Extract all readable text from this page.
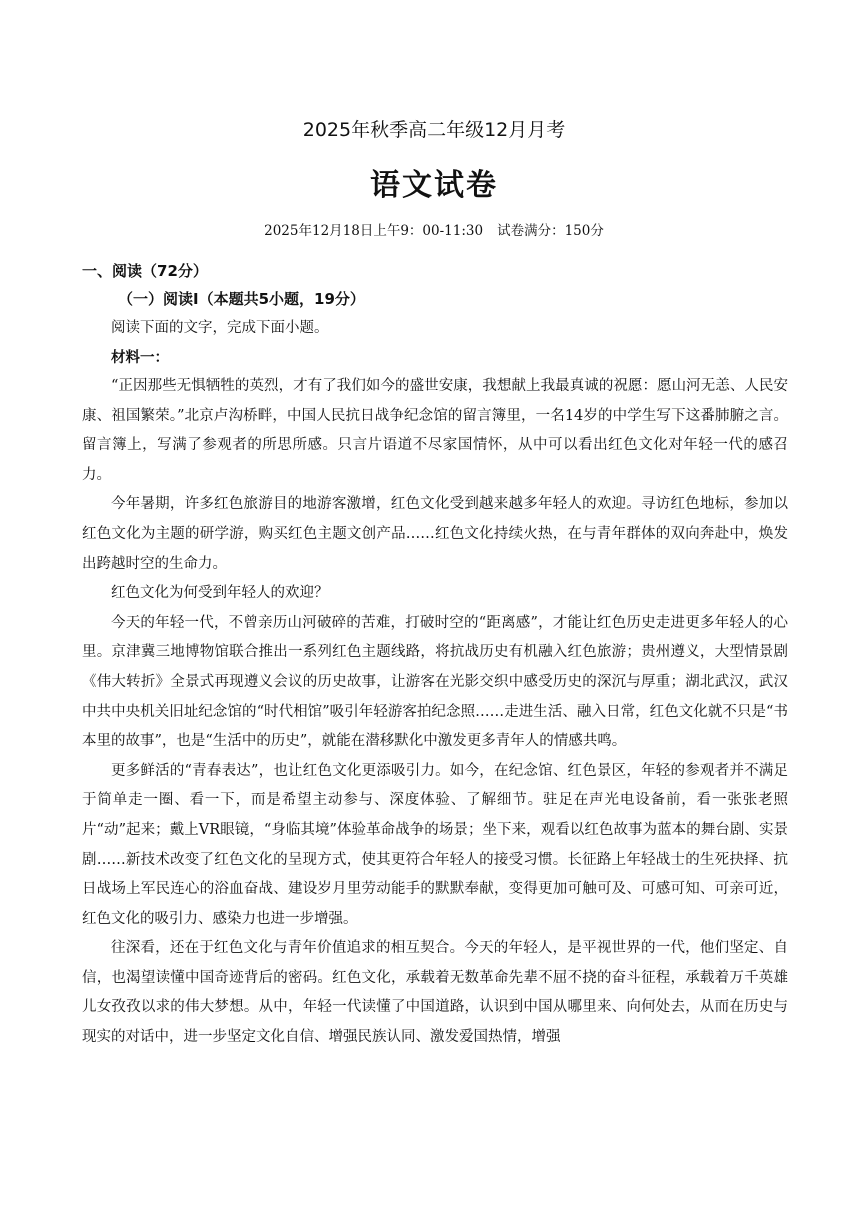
2025年秋季高二年级12月月考
语文试卷
2025年12月18日上午9：00-11:30 试卷满分：150分
一、阅读（72分）
（一）阅读I（本题共5小题，19分）
阅读下面的文字，完成下面小题。
材料一：

“正因那些无惧牺牲的英烈，才有了我们如今的盛世安康，我想献上我最真诚的祝愿：愿山河无恙、人民安康、祖国繁荣。”北京卢沟桥畔，中国人民抗日战争纪念馆的留言簿里，一名14岁的中学生写下这番肺腑之言。留言簿上，写满了参观者的所思所感。只言片语道不尽家国情怀，从中可以看出红色文化对年轻一代的感召力。

今年暑期，许多红色旅游目的地游客激增，红色文化受到越来越多年轻人的欢迎。寻访红色地标，参加以红色文化为主题的研学游，购买红色主题文创产品……红色文化持续火热，在与青年群体的双向奔赴中，焕发出跨越时空的生命力。

红色文化为何受到年轻人的欢迎？

今天的年轻一代，不曾亲历山河破碎的苦难，打破时空的“距离感”，才能让红色历史走进更多年轻人的心里。京津冀三地博物馆联合推出一系列红色主题线路，将抗战历史有机融入红色旅游；贵州遵义，大型情景剧《伟大转折》全景式再现遵义会议的历史故事，让游客在光影交织中感受历史的深沉与厚重；湖北武汉，武汉中共中央机关旧址纪念馆的“时代相馆”吸引年轻游客拍纪念照……走进生活、融入日常，红色文化就不只是“书本里的故事”，也是“生活中的历史”，就能在潜移默化中激发更多青年人的情感共鸣。

更多鲜活的“青春表达”，也让红色文化更添吸引力。如今，在纪念馆、红色景区，年轻的参观者并不满足于简单走一圈、看一下，而是希望主动参与、深度体验、了解细节。驻足在声光电设备前，看一张张老照片“动”起来；戴上VR眼镜，“身临其境”体验革命战争的场景；坐下来，观看以红色故事为蓝本的舞台剧、实景剧……新技术改变了红色文化的呈现方式，使其更符合年轻人的接受习惯。长征路上年轻战士的生死抉择、抗日战场上军民连心的浴血奋战、建设岁月里劳动能手的默默奉献，变得更加可触可及、可感可知、可亲可近，红色文化的吸引力、感染力也进一步增强。

往深看，还在于红色文化与青年价值追求的相互契合。今天的年轻人，是平视世界的一代，他们坚定、自信，也渴望读懂中国奇迹背后的密码。红色文化，承载着无数革命先辈不屈不挠的奋斗征程，承载着万千英雄儿女孜孜以求的伟大梦想。从中，年轻一代读懂了中国道路，认识到中国从哪里来、向何处去，从而在历史与现实的对话中，进一步坚定文化自信、增强民族认同、激发爱国热情，增强
